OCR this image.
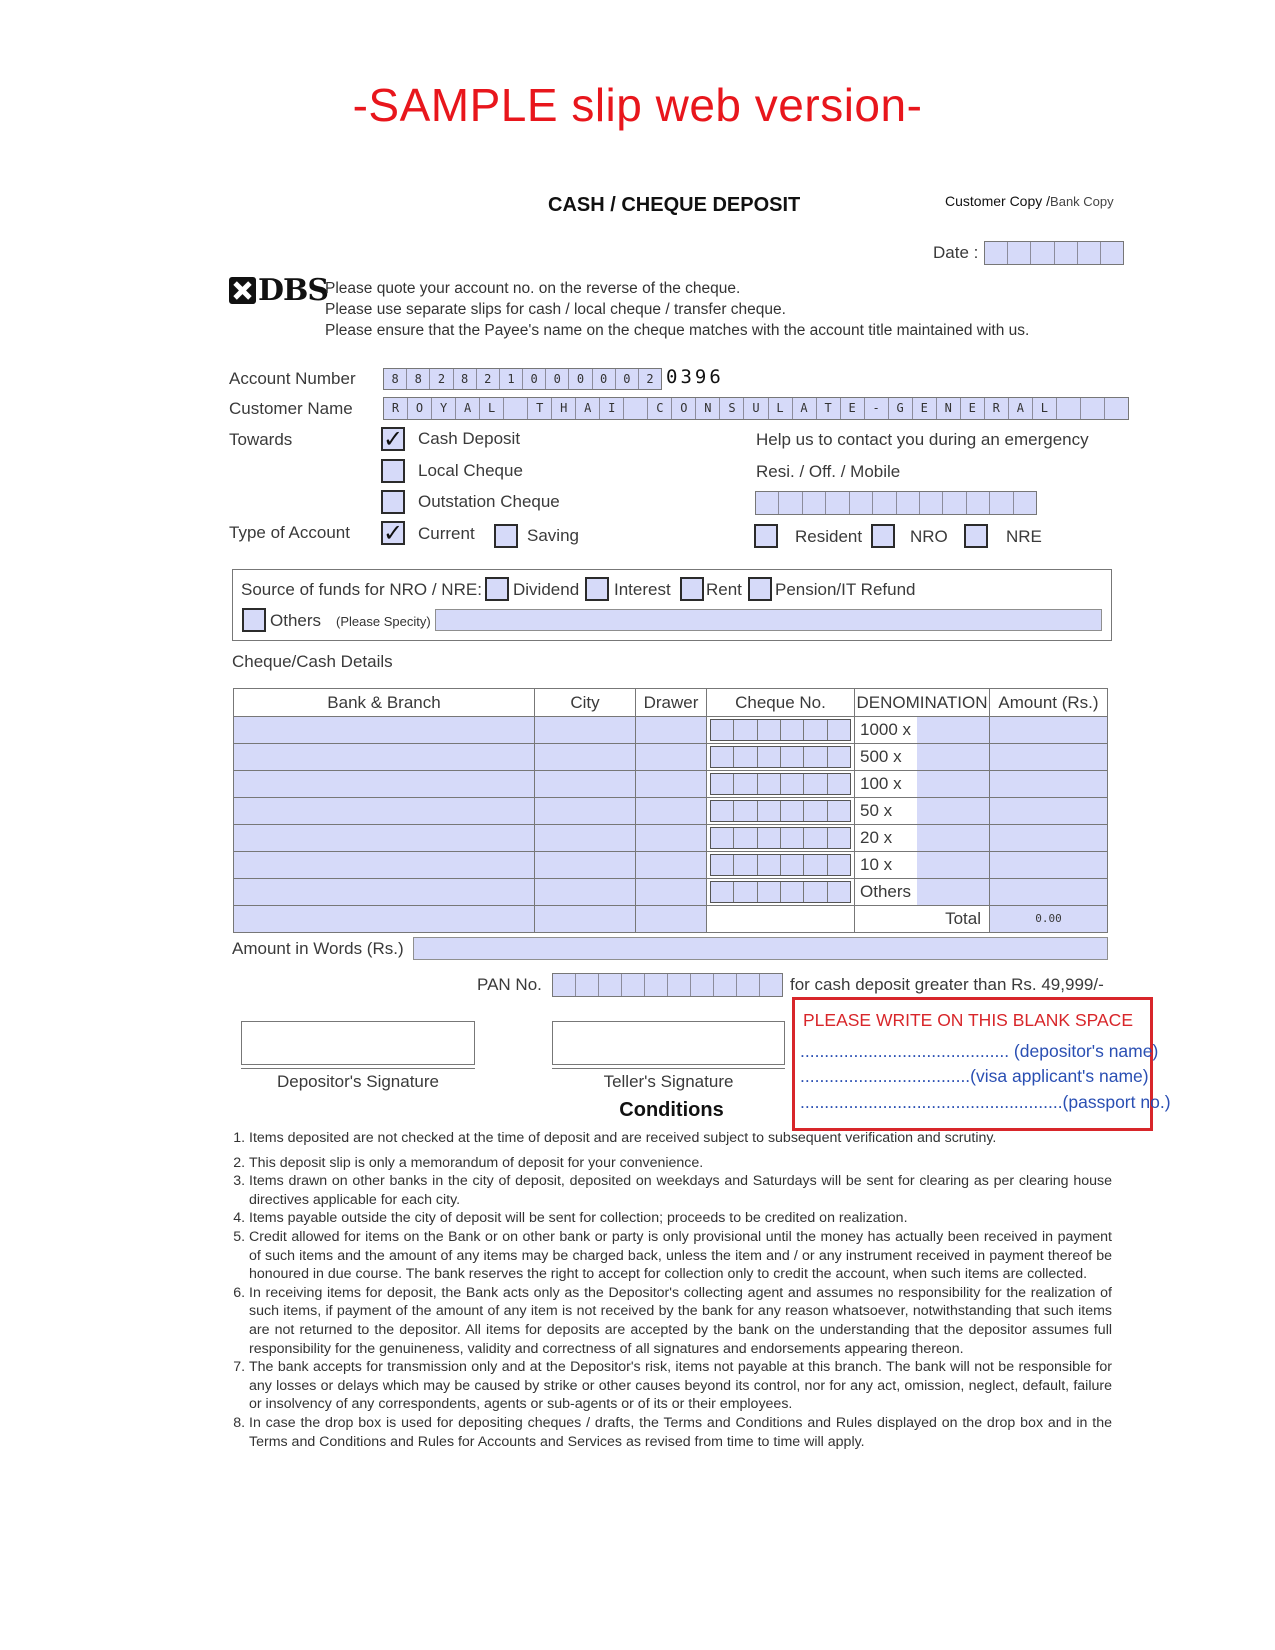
-SAMPLE slip web version-
CASH / CHEQUE DEPOSIT	Customer Copy /Bank Copy
Date :
DBS
Please quote your account no. on the reverse of the cheque.
Please use separate slips for cash / local cheque / transfer cheque.
Please ensure that the Payee's name on the cheque matches with the account title maintained with us.
Account Number	8	8	2	8	2	1	0	0	0	0	0	2 0396
Customer Name	R	O	Y	A	L	T	H	A	I	C	O	N	S	U	L	A	T	E	-	G	E	N	E	R	A	L
Towards ✓	Cash Deposit
Local Cheque
Outstation Cheque
Help us to contact you during an emergency
Resi. / Off. / Mobile
Type of Account ✓	Current	Saving	Resident	NRO	NRE
Source of funds for NRO / NRE: Dividend Interest Rent Pension/IT Refund
Others (Please Specity)
Cheque/Cash Details
Bank & Branch	City	Drawer	Cheque No.	DENOMINATION	Amount (Rs.)

				1000 x	

				500 x	

				100 x	

				50 x	

				20 x	

				10 x	

				Others	

				Total	0.00
Amount in Words (Rs.)
PAN No.	for cash deposit greater than Rs. 49,999/-
Depositor's Signature	Teller's Signature
PLEASE WRITE ON THIS BLANK SPACE
........................................... (depositor's name)
...................................(visa applicant's name)
......................................................(passport no.)
Conditions
1. Items deposited are not checked at the time of deposit and are received subject to subsequent verification and scrutiny.
2. This deposit slip is only a memorandum of deposit for your convenience.
3. Items drawn on other banks in the city of deposit, deposited on weekdays and Saturdays will be sent for clearing as per clearing house directives applicable for each city.
4. Items payable outside the city of deposit will be sent for collection; proceeds to be credited on realization.
5. Credit allowed for items on the Bank or on other bank or party is only provisional until the money has actually been received in payment of such items and the amount of any items may be charged back, unless the item and / or any instrument received in payment thereof be honoured in due course. The bank reserves the right to accept for collection only to credit the account, when such items are collected.
6. In receiving items for deposit, the Bank acts only as the Depositor's collecting agent and assumes no responsibility for the realization of such items, if payment of the amount of any item is not received by the bank for any reason whatsoever, notwithstanding that such items are not returned to the depositor. All items for deposits are accepted by the bank on the understanding that the depositor assumes full responsibility for the genuineness, validity and correctness of all signatures and endorsements appearing thereon.
7. The bank accepts for transmission only and at the Depositor's risk, items not payable at this branch. The bank will not be responsible for any losses or delays which may be caused by strike or other causes beyond its control, nor for any act, omission, neglect, default, failure or insolvency of any correspondents, agents or sub-agents or of its or their employees.
8. In case the drop box is used for depositing cheques / drafts, the Terms and Conditions and Rules displayed on the drop box and in the Terms and Conditions and Rules for Accounts and Services as revised from time to time will apply.
